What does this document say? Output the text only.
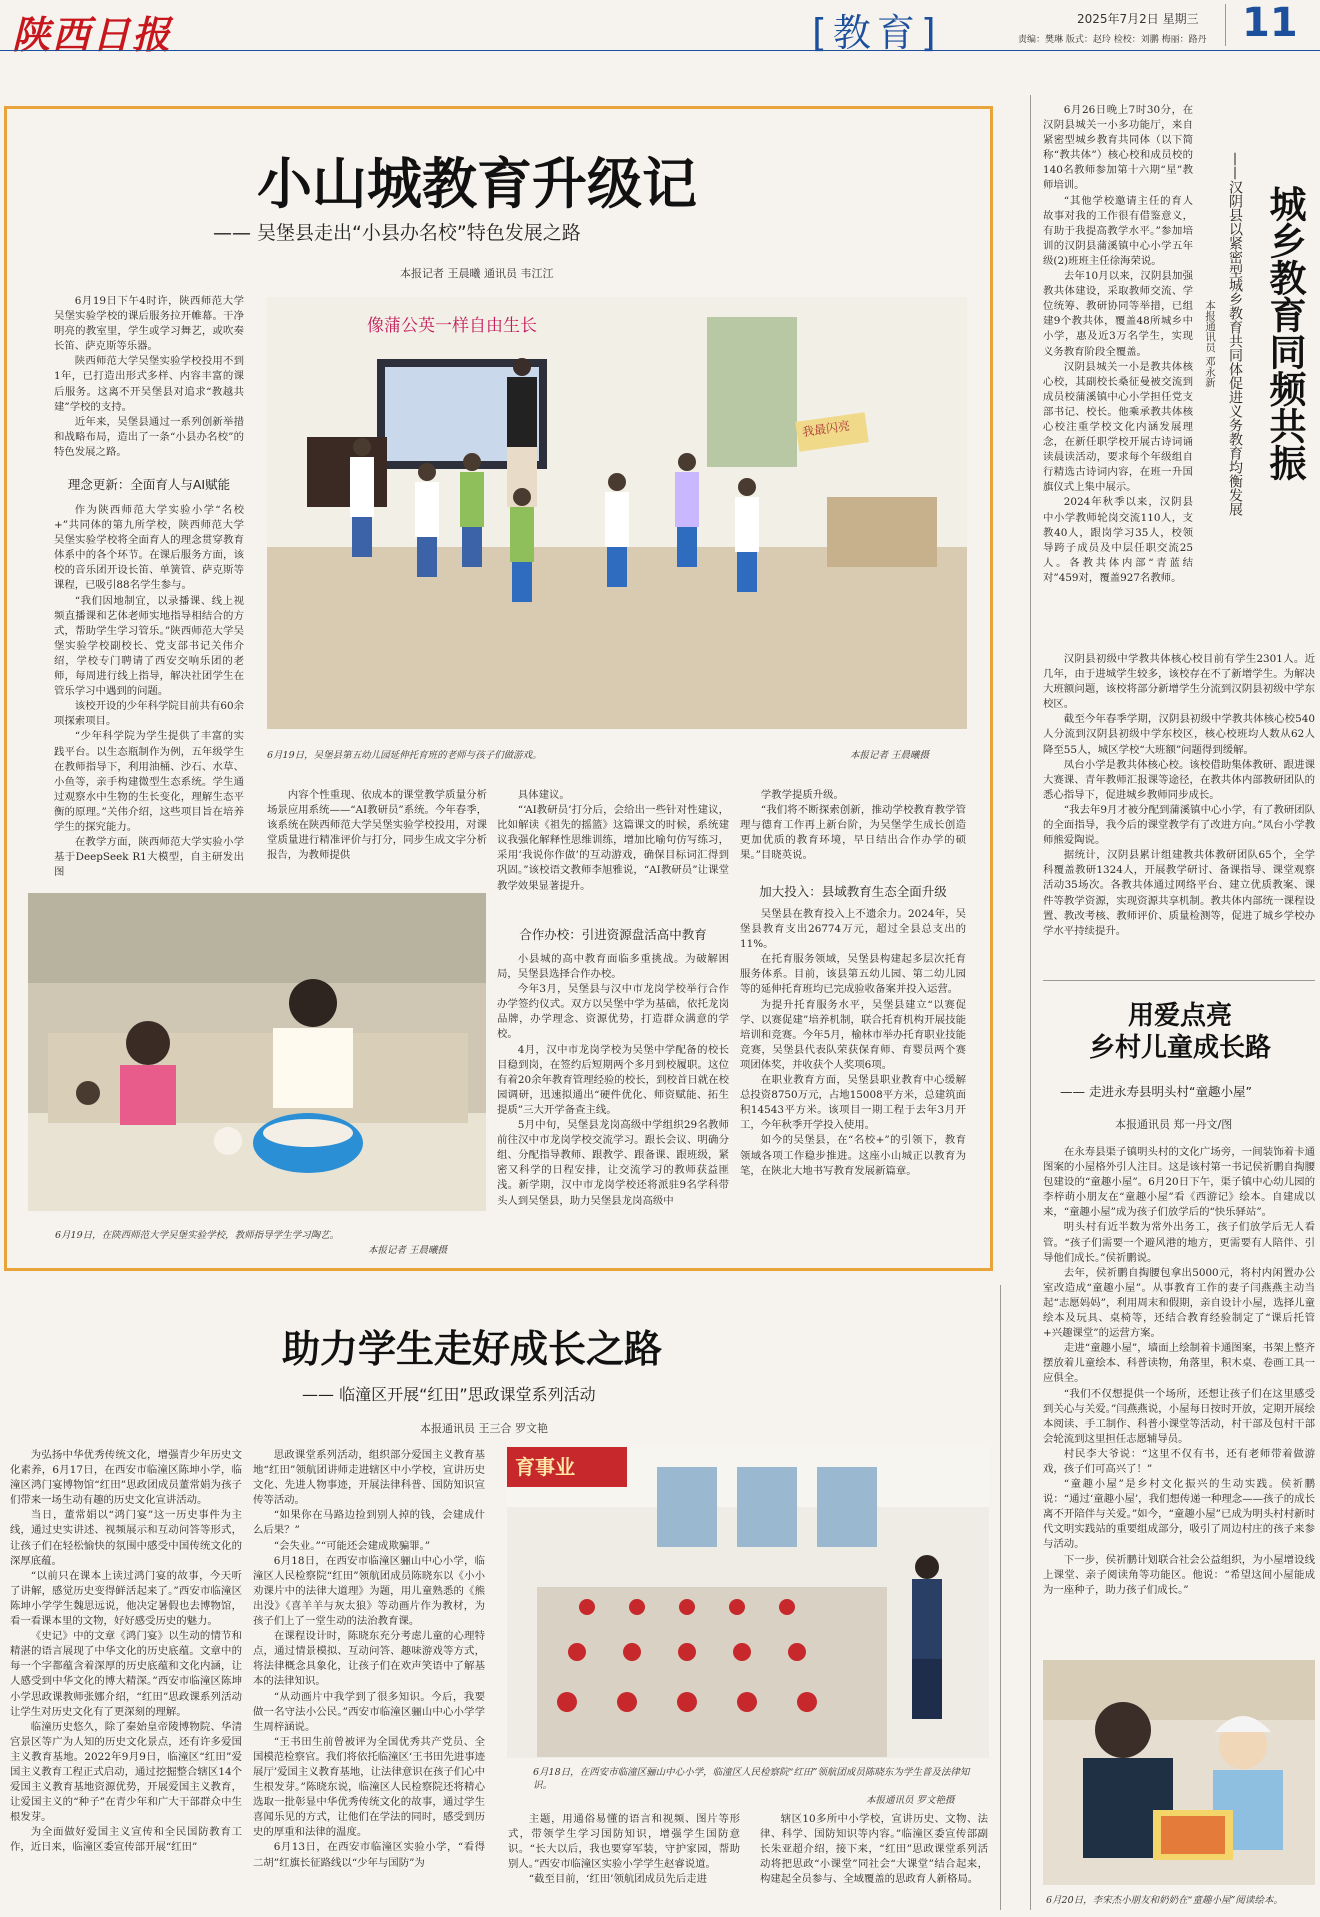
陕西日报	[教育]	2025年7月2日 星期三
责编：樊琳 版式：赵玲 检校：刘鹏 梅丽：路丹 11
小山城教育升级记
—— 吴堡县走出“小县办名校”特色发展之路
本报记者 王晨曦 通讯员 韦江江

6月19日下午4时许，陕西师范大学吴堡实验学校的课后服务拉开帷幕。干净明亮的教室里，学生或学习舞艺，或吹奏长笛、萨克斯等乐器。

陕西师范大学吴堡实验学校投用不到1年，已打造出形式多样、内容丰富的课后服务。这离不开吴堡县对追求“教越共建”学校的支持。

近年来，吴堡县通过一系列创新举措和战略布局，造出了一条“小县办名校”的特色发展之路。

理念更新：全面育人与AI赋能

作为陕西师范大学实验小学“名校+”共同体的第九所学校，陕西师范大学吴堡实验学校将全面育人的理念贯穿教育体系中的各个环节。在课后服务方面，该校的音乐团开设长笛、单簧管、萨克斯等课程，已吸引88名学生参与。

“我们因地制宜，以录播课、线上视频直播课和艺体老师实地指导相结合的方式，帮助学生学习管乐。”陕西师范大学吴堡实验学校副校长、党支部书记关伟介绍，学校专门聘请了西安交响乐团的老师，每周进行线上指导，解决社团学生在管乐学习中遇到的问题。

该校开设的少年科学院目前共有60余项探索项目。

“少年科学院为学生提供了丰富的实践平台。以生态瓶制作为例，五年级学生在教师指导下，利用油桶、沙石、水草、小鱼等，亲手构建微型生态系统。学生通过观察水中生物的生长变化，理解生态平衡的原理。”关伟介绍，这些项目旨在培养学生的探究能力。

在教学方面，陕西师范大学实验小学基于DeepSeek R1大模型，自主研发出图

像蒲公英一样自由生长
我最闪亮
6月19日，吴堡县第五幼儿园延伸托育班的老师与孩子们做游戏。	本报记者 王晨曦摄

内容个性重现、依成本的课堂教学质量分析场景应用系统——“AI教研员”系统。今年春季，该系统在陕西师范大学吴堡实验学校投用，对课堂质量进行精准评价与打分，同步生成文字分析报告，为教师提供

具体建议。

“‘AI教研员’打分后，会给出一些针对性建议，比如解读《祖先的摇篮》这篇课文的时候，系统建议我强化解释性思维训练，增加比喻句仿写练习，采用‘我说你作做’的互动游戏，确保目标词汇得到巩固。”该校语文教师李旭雅说，“AI教研员”让课堂教学效果显著提升。

合作办校：引进资源盘活高中教育

小县城的高中教育面临多重挑战。为破解困局，吴堡县选择合作办校。

今年3月，吴堡县与汉中市龙岗学校举行合作办学签约仪式。双方以吴堡中学为基础，依托龙岗品牌，办学理念、资源优势，打造群众满意的学校。

4月，汉中市龙岗学校为吴堡中学配备的校长目稳到岗，在签约后短期两个多月到校履职。这位有着20余年教育管理经验的校长，到校首日就在校园调研，迅速拟通出“硬件优化、师资赋能、拓生提质”三大开学备查主线。

5月中旬，吴堡县龙岗高级中学组织29名教师前往汉中市龙岗学校交流学习。跟长会议、明确分组、分配指导教师、跟教学、跟备课、跟班级，紧密又科学的日程安排，让交流学习的教师获益匪浅。新学期，汉中市龙岗学校还将派驻9名学科带头人到吴堡县，助力吴堡县龙岗高级中

学教学提质升级。

“我们将不断探索创新，推动学校教育教学管理与德育工作再上新台阶，为吴堡学生成长创造更加优质的教育环境，早日结出合作办学的硕果。”目晓英说。

加大投入：县域教育生态全面升级

吴堡县在教育投入上不遗余力。2024年，吴堡县教育支出26774万元，超过全县总支出的11%。

在托育服务领域，吴堡县构建起多层次托育服务体系。目前，该县第五幼儿园、第二幼儿园等的延伸托育班均已完成验收备案并投入运营。

为提升托育服务水平，吴堡县建立“以赛促学、以赛促建”培养机制，联合托育机构开展技能培训和竞赛。今年5月，榆林市举办托育职业技能竞赛，吴堡县代表队荣获保育师、育婴员两个赛项团体奖，并收获个人奖项6项。

在职业教育方面，吴堡县职业教育中心缓解总投资8750万元，占地15008平方米，总建筑面积14543平方米。该项目一期工程于去年3月开工，今年秋季开学投入使用。

如今的吴堡县，在“名校+”的引领下，教育领域各项工作稳步推进。这座小山城正以教育为笔，在陕北大地书写教育发展新篇章。

6月19日，在陕西师范大学吴堡实验学校，教师指导学生学习陶艺。
本报记者 王晨曦摄
城乡教育同频共振
——汉阴县以紧密型城乡教育共同体促进义务教育均衡发展
本报通讯员 邓永新

6月26日晚上7时30分，在汉阴县城关一小多功能厅，来自紧密型城乡教育共同体（以下简称“教共体”）核心校和成员校的140名教师参加第十六期“星”教师培训。

“其他学校邀请主任的育人故事对我的工作很有借鉴意义，有助于我提高教学水平。”参加培训的汉阴县蒲溪镇中心小学五年级(2)班班主任徐海荣说。

去年10月以来，汉阴县加强教共体建设，采取教师交流、学位统筹、教研协同等举措，已组建9个教共体，覆盖48所城乡中小学，惠及近3万名学生，实现义务教育阶段全覆盖。

汉阴县城关一小是教共体核心校，其副校长桑征曼被交流到成员校蒲溪镇中心小学担任党支部书记、校长。他乘承教共体核心校注重学校文化内涵发展理念，在新任职学校开展古诗词诵读晨读活动，要求每个年级组自行精选古诗词内容，在班一升国旗仪式上集中展示。

2024年秋季以来，汉阴县中小学教师轮岗交流110人，支教40人，跟岗学习35人，校领导跨子成员及中层任职交流25人。各教共体内部“青蓝结对”459对，覆盖927名教师。

汉阴县初级中学教共体核心校目前有学生2301人。近几年，由于进城学生较多，该校存在不了新增学生。为解决大班额问题，该校将部分新增学生分流到汉阴县初级中学东校区。

截至今年春季学期，汉阴县初级中学教共体核心校540人分流到汉阴县初级中学东校区，核心校班均人数从62人降至55人，城区学校“大班额”问题得到缓解。

凤台小学是教共体核心校。该校借助集体教研、跟进课大赛课、青年教师汇报课等途径，在教共体内部教研团队的悉心指导下，促进城乡教师同步成长。

“我去年9月才被分配到蒲溪镇中心小学，有了教研团队的全面指导，我今后的课堂教学有了改进方向。”凤台小学教师熊爱陶说。

据统计，汉阴县累计组建教共体教研团队65个，全学科覆盖教研1324人，开展教学研讨、备课指导、课堂观察活动35场次。各教共体通过网络平台、建立优质教案、课件等教学资源，实现资源共享机制。教共体内部统一课程设置、教改考核、教师评价、质量检测等，促进了城乡学校办学水平持续提升。

用爱点亮
乡村儿童成长路
—— 走进永寿县明头村“童趣小屋”
本报通讯员 郑一丹文/图

在永寿县渠子镇明头村的文化广场旁，一间装饰着卡通图案的小屋格外引人注目。这是该村第一书记侯祈鹏自掏腰包建设的“童趣小屋”。6月20日下午，渠子镇中心幼儿园的李梓萌小朋友在“童趣小屋”看《西游记》绘本。自建成以来，“童趣小屋”成为孩子们放学后的“快乐驿站”。

明头村有近半数为常外出务工，孩子们放学后无人看管。“孩子们需要一个避风港的地方，更需要有人陪伴、引导他们成长。”侯祈鹏说。

去年，侯祈鹏自掏腰包拿出5000元，将村内闲置办公室改造成“童趣小屋”。从事教育工作的妻子闫燕燕主动当起“志愿妈妈”，利用周末和假期，亲自设计小屋，选择儿童绘本及玩具、桌椅等，还结合教育经验制定了“课后托管+兴趣课堂”的运营方案。

走进“童趣小屋”，墙面上绘制着卡通图案，书架上整齐摆放着儿童绘本、科普读物，角落里，积木桌、卷画工具一应俱全。

“我们不仅想提供一个场所，还想让孩子们在这里感受到关心与关爱。”闫燕燕说，小屋每日按时开放，定期开展绘本阅读、手工制作、科普小课堂等活动，村干部及包村干部会轮流到这里担任志愿辅导员。

村民李大爷说：“这里不仅有书，还有老师带着做游戏，孩子们可高兴了！”

“童趣小屋”是乡村文化振兴的生动实践。侯祈鹏说：“通过‘童趣小屋’，我们想传递一种理念——孩子的成长离不开陪伴与关爱。”如今，“童趣小屋”已成为明头村村新时代文明实践站的重要组成部分，吸引了周边村庄的孩子来参与活动。

下一步，侯祈鹏计划联合社会公益组织，为小屋增设线上课堂、亲子阅读角等功能区。他说：“希望这间小屋能成为一座种子，助力孩子们成长。”

6月20日，李宋杰小朋友和奶奶在“童趣小屋”阅读绘本。
助力学生走好成长之路
—— 临潼区开展“红田”思政课堂系列活动
本报通讯员 王三合 罗文艳

为弘扬中华优秀传统文化，增强青少年历史文化素养，6月17日，在西安市临潼区陈坤小学，临潼区鸿门宴博物馆“红田”思政团成员董常娟为孩子们带来一场生动有趣的历史文化宣讲活动。

当日，董常娟以“鸿门宴”这一历史事件为主线，通过史实讲述、视频展示和互动问答等形式，让孩子们在轻松愉快的氛围中感受中国传统文化的深厚底蕴。

“以前只在课本上读过鸿门宴的故事，今天听了讲解，感觉历史变得鲜活起来了。”西安市临潼区陈坤小学学生魏思远说，他决定暑假也去博物馆，看一看课本里的文物，好好感受历史的魅力。

《史记》中的文章《鸿门宴》以生动的情节和精湛的语言展现了中华文化的历史底蕴。文章中的每一个字都蕴含着深厚的历史底蕴和文化内涵，让人感受到中华文化的博大精深。”西安市临潼区陈坤小学思政课教师张娜介绍，“红田”思政课系列活动让学生对历史文化有了更深刻的理解。

临潼历史悠久，除了秦始皇帝陵博物院、华清宫景区等广为人知的历史文化景点，还有许多爱国主义教育基地。2022年9月9日，临潼区“红田”爱国主义教育工程正式启动，通过挖掘整合辖区14个爱国主义教育基地资源优势，开展爱国主义教育，让爱国主义的“种子”在青少年和广大干部群众中生根发芽。

为全面做好爱国主义宣传和全民国防教育工作，近日来，临潼区委宣传部开展“红田”

思政课堂系列活动，组织部分爱国主义教育基地“红田”领航团讲师走进辖区中小学校，宣讲历史文化、先进人物事迹，开展法律科普、国防知识宣传等活动。

“如果你在马路边捡到别人掉的钱，会建成什么后果？”

“会失业。”“可能还会建成欺骗罪。”

6月18日，在西安市临潼区骊山中心小学，临潼区人民检察院“红田”领航团成员陈晓东以《小小劝课片中的法律大道理》为题，用儿童熟悉的《熊出没》《喜羊羊与灰太狼》等动画片作为教材，为孩子们上了一堂生动的法治教育课。

在课程设计时，陈晓东充分考虑儿童的心理特点，通过情景模拟、互动问答、趣味游戏等方式，将法律概念具象化，让孩子们在欢声笑语中了解基本的法律知识。

“从动画片中我学到了很多知识。今后，我要做一名守法小公民。”西安市临潼区骊山中心小学学生周梓涵说。

“王书田生前曾被评为全国优秀共产党员、全国模范检察官。我们将依托临潼区‘王书田先进事迹展厅’爱国主义教育基地，让法律意识在孩子们心中生根发芽。”陈晓东说，临潼区人民检察院还将精心选取一批彰显中华优秀传统文化的故事，通过学生喜闻乐见的方式，让他们在学法的同时，感受到历史的厚重和法律的温度。

6月13日，在西安市临潼区实验小学，“看得二胡”红旗长征路线以“少年与国防”为

育事业
6月18日，在西安市临潼区骊山中心小学，临潼区人民检察院“红田”领航团成员陈晓东为学生普及法律知识。
本报通讯员 罗文艳摄

主题，用通俗易懂的语言和视频、图片等形式，带领学生学习国防知识，增强学生国防意识。“长大以后，我也要穿军装，守护家园，帮助别人。”西安市临潼区实验小学学生赵睿说道。

“截至目前，‘红田’领航团成员先后走进

辖区10多所中小学校，宣讲历史、文物、法律、科学、国防知识等内容。”临潼区委宣传部副长朱亚超介绍，接下来，“红田”思政课堂系列活动将把思政“小课堂”同社会“大课堂”结合起来，构建起全员参与、全域覆盖的思政育人新格局。
